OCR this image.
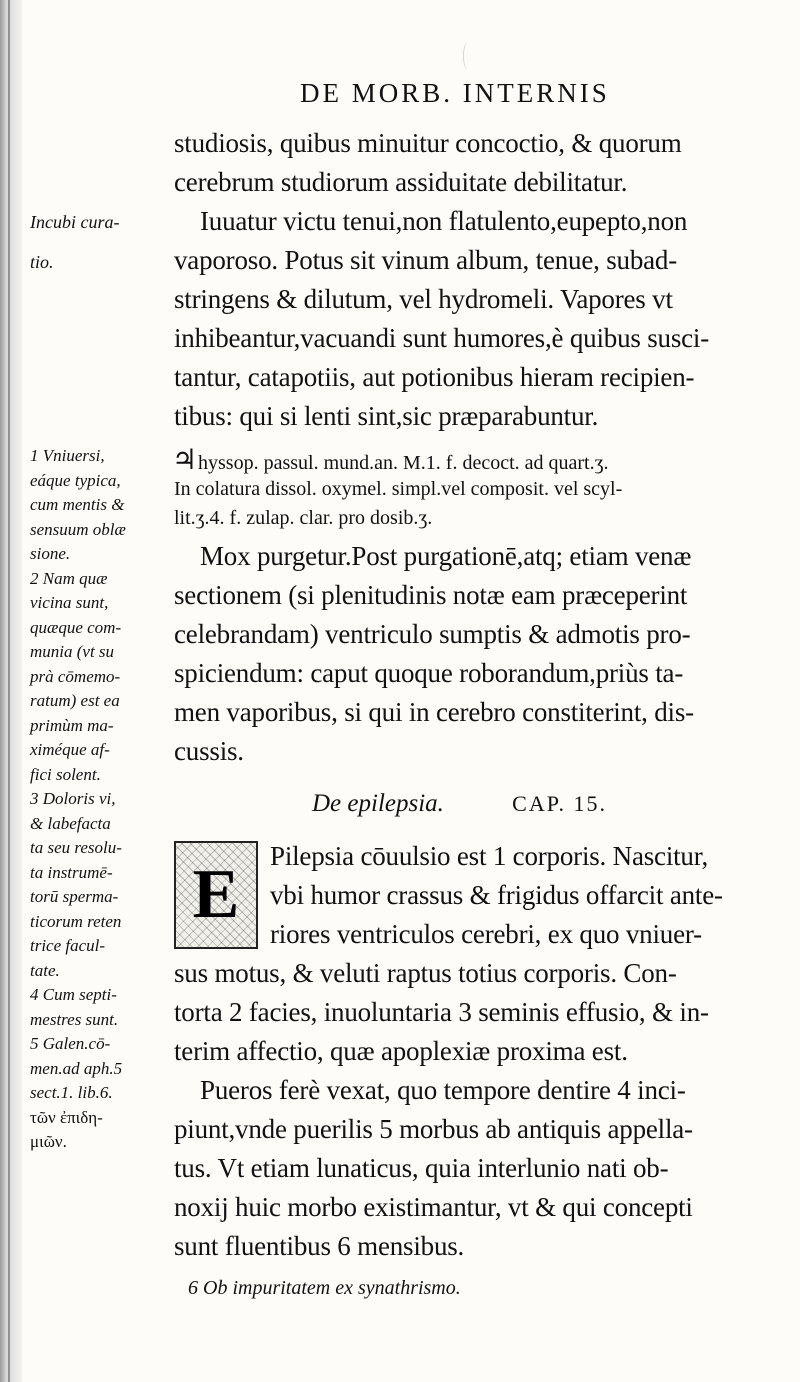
DE MORB. INTERNIS
Incubi cura-
tio.
1 Vniuersi,
eáque typica,
cum mentis &
sensuum oblæ
sione.
2 Nam quæ
vicina sunt,
quæque com-
munia (vt su
prà cōmemo-
ratum) est ea
primùm ma-
ximéque af-
fici solent.
3 Doloris vi,
& labefacta
ta seu resolu-
ta instrumē-
torū sperma-
ticorum reten
trice facul-
tate.
4 Cum septi-
mestres sunt.
5 Galen.cō-
men.ad aph.5
sect.1. lib.6.
τῶν ἐπιδη-
μιῶν.
studiosis, quibus minuitur concoctio, & quorum
cerebrum studiorum assiduitate debilitatur.
Iuuatur victu tenui,non flatulento,eupepto,non
vaporoso. Potus sit vinum album, tenue, subad-
stringens & dilutum, vel hydromeli. Vapores vt
inhibeantur,vacuandi sunt humores,è quibus susci-
tantur, catapotiis, aut potionibus hieram recipien-
tibus: qui si lenti sint,sic præparabuntur.
♃hyssop. passul. mund.an. M.1. f. decoct. ad quart.ʒ.
In colatura dissol. oxymel. simpl.vel composit. vel scyl-
lit.ʒ.4. f. zulap. clar. pro dosib.ʒ.
Mox purgetur.Post purgationē,atq; etiam venæ
sectionem (si plenitudinis notæ eam præceperint
celebrandam) ventriculo sumptis & admotis pro-
spiciendum: caput quoque roborandum,priùs ta-
men vaporibus, si qui in cerebro constiterint, dis-
cussis.
De epilepsia.	CAP. 15.
E	Pilepsia cōuulsio est 1 corporis. Nascitur,
vbi humor crassus & frigidus offarcit ante-
riores ventriculos cerebri, ex quo vniuer-
sus motus, & veluti raptus totius corporis. Con-
torta 2 facies, inuoluntaria 3 seminis effusio, & in-
terim affectio, quæ apoplexiæ proxima est.
Pueros ferè vexat, quo tempore dentire 4 inci-
piunt,vnde puerilis 5 morbus ab antiquis appella-
tus. Vt etiam lunaticus, quia interlunio nati ob-
noxij huic morbo existimantur, vt & qui concepti
sunt fluentibus 6 mensibus.
6 Ob impuritatem ex synathrismo.
